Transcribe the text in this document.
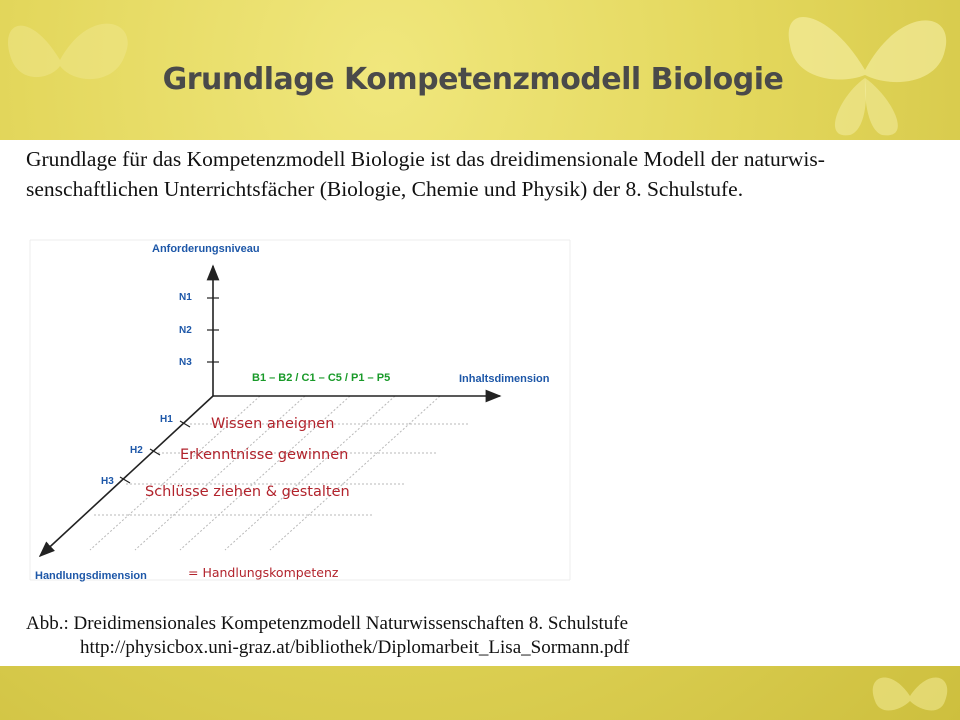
Grundlage Kompetenzmodell Biologie
Grundlage für das Kompetenzmodell Biologie ist das dreidimensionale Modell der naturwis-
senschaftlichen Unterrichtsfächer (Biologie, Chemie und Physik) der 8. Schulstufe.
Anforderungsniveau
N1
N2
N3
B1 – B2 / C1 – C5 / P1 – P5	Inhaltsdimension
H1
H2
H3
Handlungsdimension
Wissen aneignen
Erkenntnisse gewinnen
Schlüsse ziehen & gestalten
= Handlungskompetenz
Abb.: Dreidimensionales Kompetenzmodell Naturwissenschaften 8. Schulstufe
http://physicbox.uni-graz.at/bibliothek/Diplomarbeit_Lisa_Sormann.pdf
